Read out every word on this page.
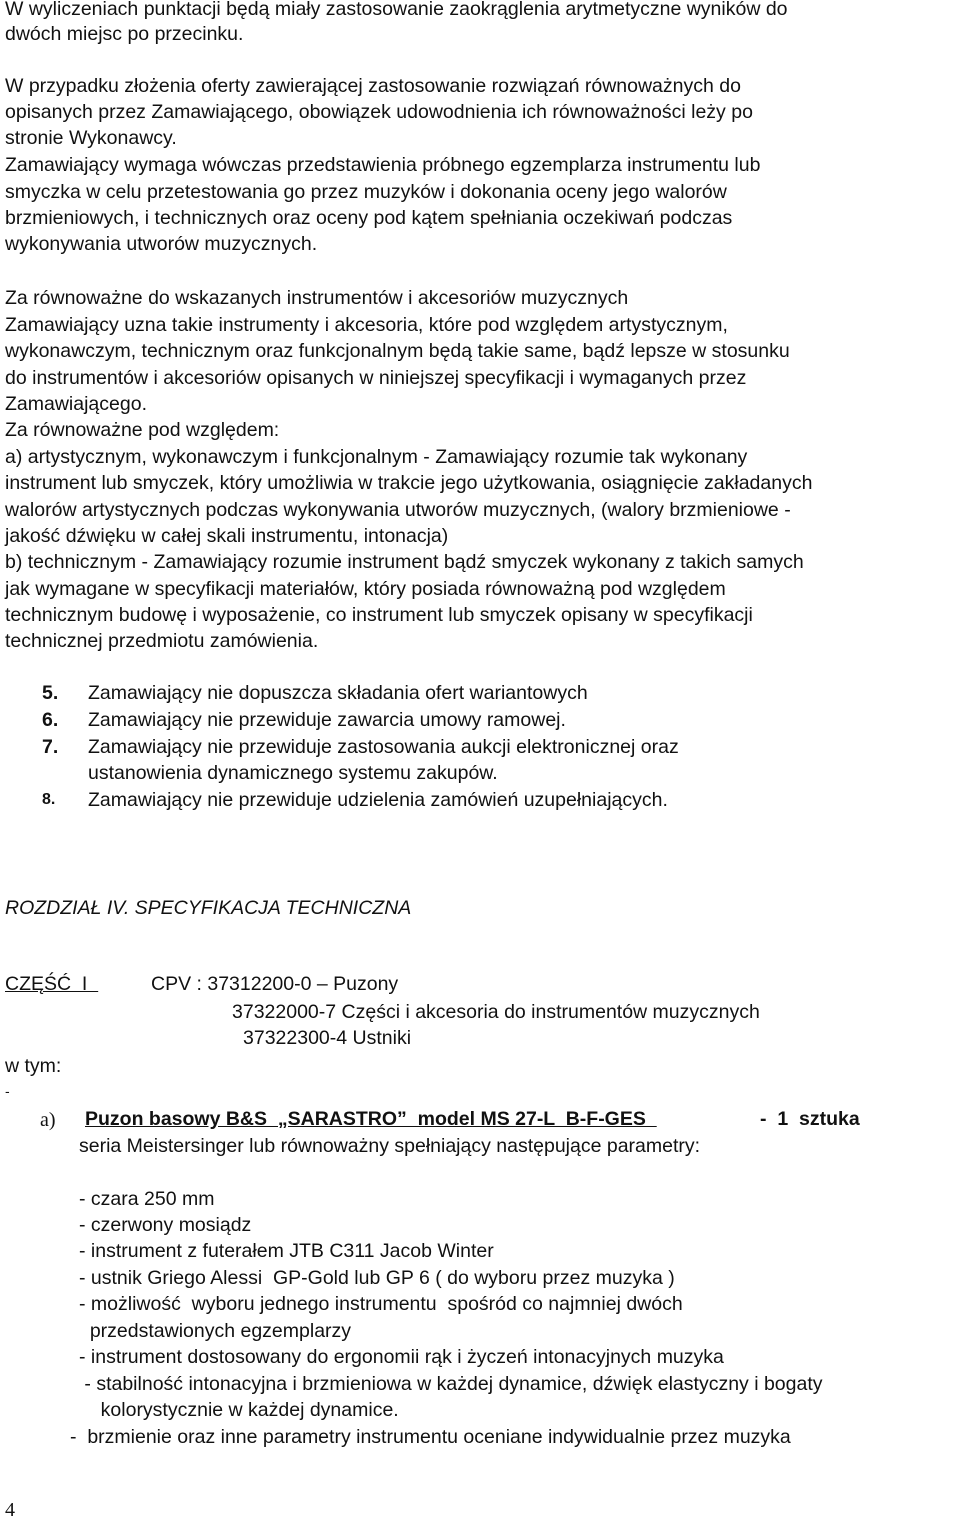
W wyliczeniach punktacji będą miały zastosowanie zaokrąglenia arytmetyczne wyników do
dwóch miejsc po przecinku.
W przypadku złożenia oferty zawierającej zastosowanie rozwiązań równoważnych do
opisanych przez Zamawiającego, obowiązek udowodnienia ich równoważności leży po
stronie Wykonawcy.
Zamawiający wymaga wówczas przedstawienia próbnego egzemplarza instrumentu lub
smyczka w celu przetestowania go przez muzyków i dokonania oceny jego walorów
brzmieniowych, i technicznych oraz oceny pod kątem spełniania oczekiwań podczas
wykonywania utworów muzycznych.
Za równoważne do wskazanych instrumentów i akcesoriów muzycznych
Zamawiający uzna takie instrumenty i akcesoria, które pod względem artystycznym,
wykonawczym, technicznym oraz funkcjonalnym będą takie same, bądź lepsze w stosunku
do instrumentów i akcesoriów opisanych w niniejszej specyfikacji i wymaganych przez
Zamawiającego.
Za równoważne pod względem:
a) artystycznym, wykonawczym i funkcjonalnym - Zamawiający rozumie tak wykonany
instrument lub smyczek, który umożliwia w trakcie jego użytkowania, osiągnięcie zakładanych
walorów artystycznych podczas wykonywania utworów muzycznych, (walory brzmieniowe -
jakość dźwięku w całej skali instrumentu, intonacja)
b) technicznym - Zamawiający rozumie instrument bądź smyczek wykonany z takich samych
jak wymagane w specyfikacji materiałów, który posiada równoważną pod względem
technicznym budowę i wyposażenie, co instrument lub smyczek opisany w specyfikacji
technicznej przedmiotu zamówienia.
5. Zamawiający nie dopuszcza składania ofert wariantowych
6. Zamawiający nie przewiduje zawarcia umowy ramowej.
7. Zamawiający nie przewiduje zastosowania aukcji elektronicznej oraz
ustanowienia dynamicznego systemu zakupów.
8. Zamawiający nie przewiduje udzielenia zamówień uzupełniających.
ROZDZIAŁ IV. SPECYFIKACJA TECHNICZNA
CZĘŚĆ  I	CPV : 37312200-0 – Puzony
37322000-7 Części i akcesoria do instrumentów muzycznych
37322300-4 Ustniki
w tym:
-
a) Puzon basowy B&S  „SARASTRO”  model MS 27-L  B-F-GES	-  1  sztuka
seria Meistersinger lub równoważny spełniający następujące parametry:
- czara 250 mm
- czerwony mosiądz
- instrument z futerałem JTB C311 Jacob Winter
- ustnik Griego Alessi  GP-Gold lub GP 6 ( do wyboru przez muzyka )
- możliwość  wyboru jednego instrumentu  spośród co najmniej dwóch
przedstawionych egzemplarzy
- instrument dostosowany do ergonomii rąk i życzeń intonacyjnych muzyka
- stabilność intonacyjna i brzmieniowa w każdej dynamice, dźwięk elastyczny i bogaty
kolorystycznie w każdej dynamice.
-  brzmienie oraz inne parametry instrumentu oceniane indywidualnie przez muzyka
4
